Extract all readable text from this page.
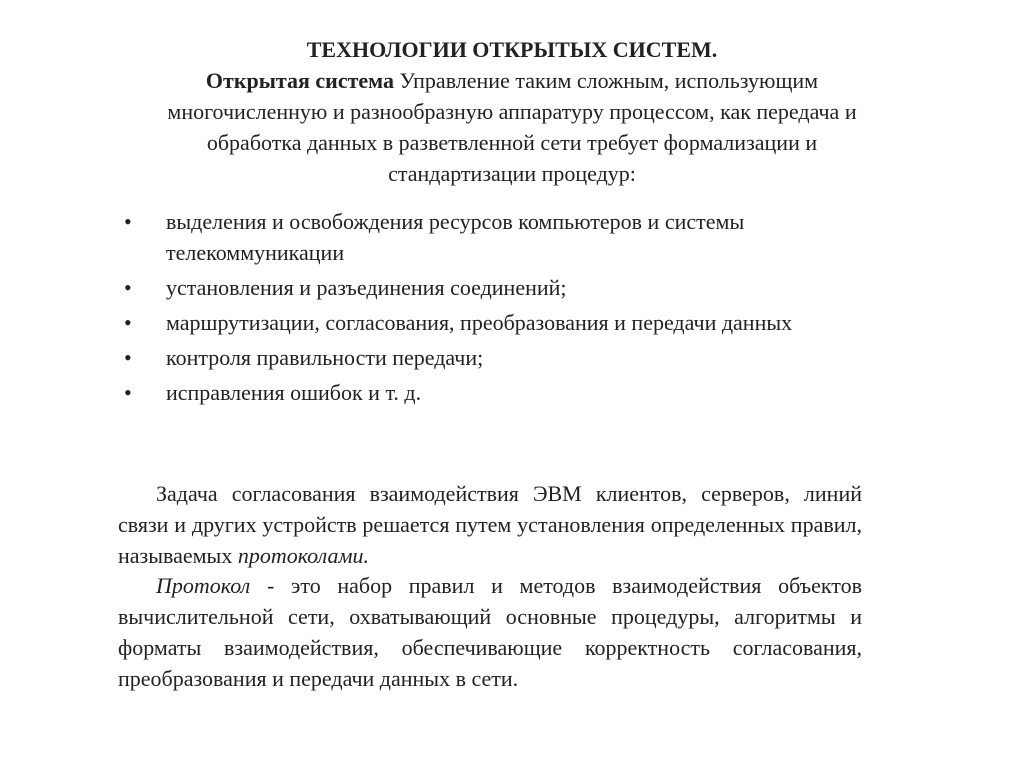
ТЕХНОЛОГИИ ОТКРЫТЫХ СИСТЕМ.
Открытая система Управление таким сложным, использующим многочисленную и разнообразную аппаратуру процессом, как передача и обработка данных в разветвленной сети требует формализации и стандартизации процедур:
• выделения и освобождения ресурсов компьютеров и системы телекоммуникации
• установления и разъединения соединений;
• маршрутизации, согласования, преобразования и передачи данных
• контроля правильности передачи;
• исправления ошибок и т. д.

Задача согласования взаимодействия ЭВМ клиентов, серверов, линий связи и других устройств решается путем установления определенных правил, называемых протоколами.

Протокол - это набор правил и методов взаимодействия объектов вычислительной сети, охватывающий основные процедуры, алгоритмы и форматы взаимодействия, обеспечивающие корректность согласования, преобразования и передачи данных в сети.
